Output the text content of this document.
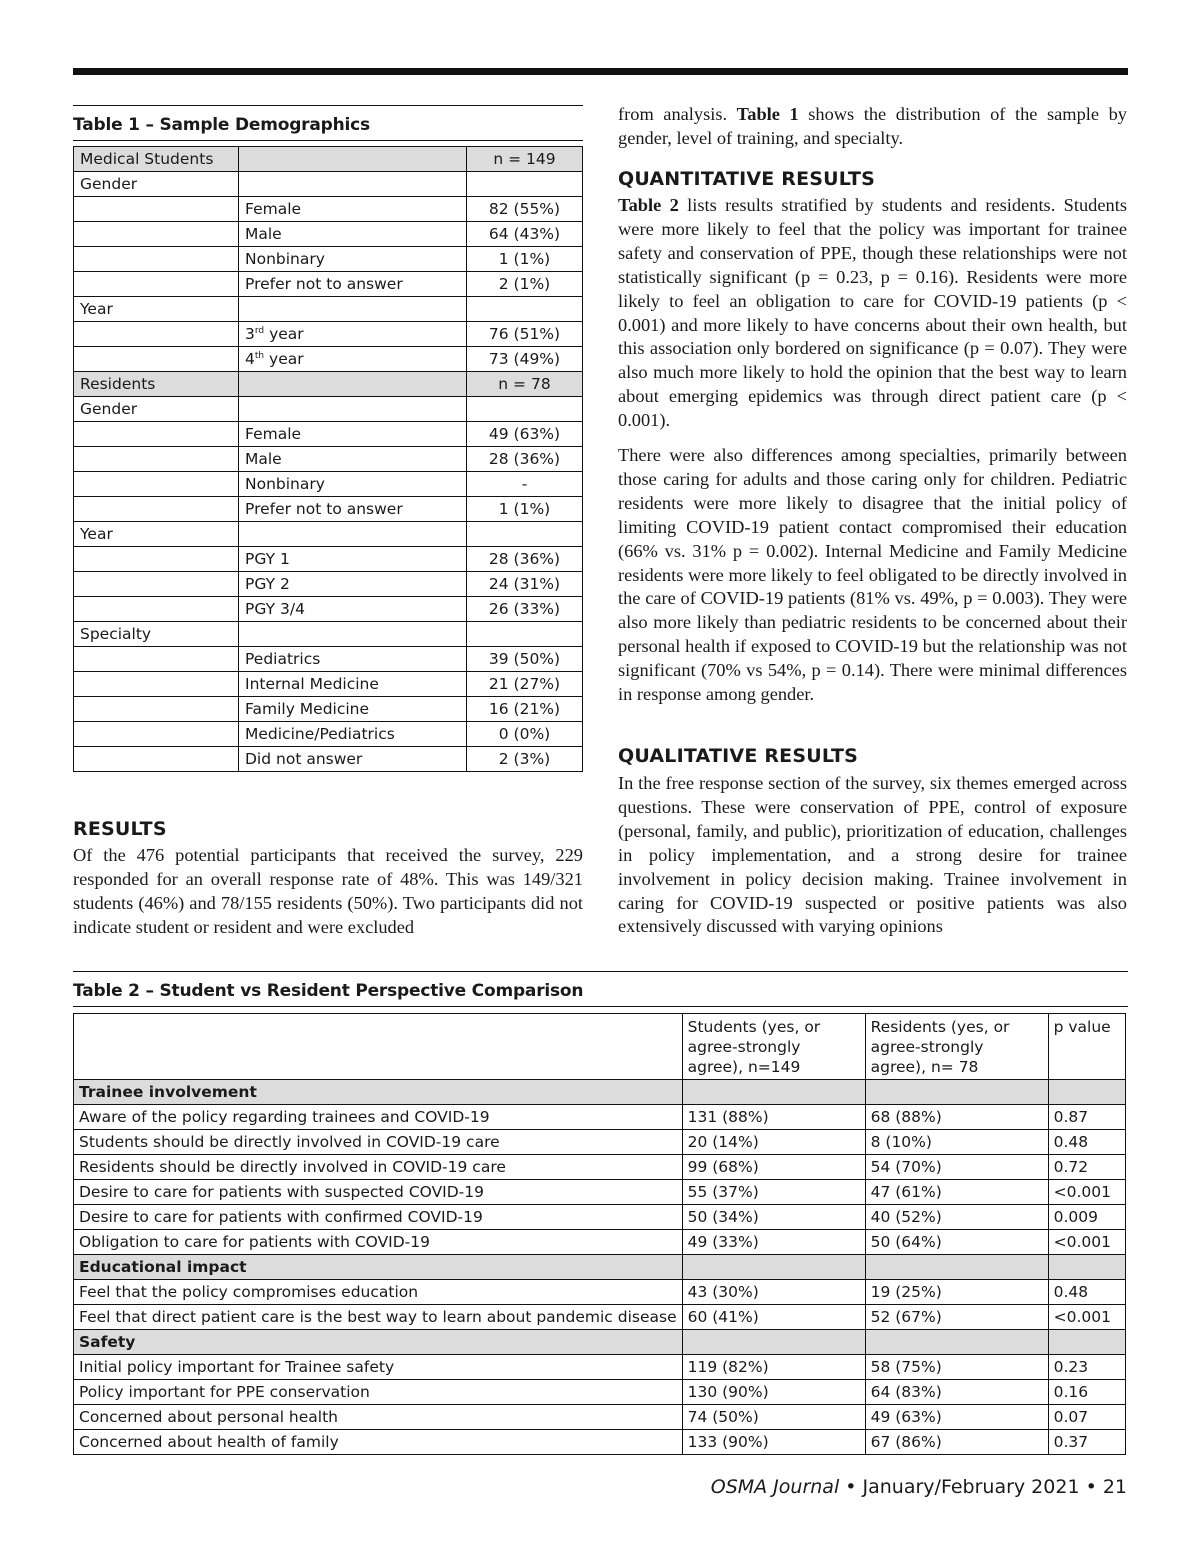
Table 1 – Sample Demographics
Medical Students		n = 149
Gender		
	Female	82 (55%)
	Male	64 (43%)
	Nonbinary	1 (1%)
	Prefer not to answer	2 (1%)
Year		
	3rd year	76 (51%)
	4th year	73 (49%)
Residents		n = 78
Gender		
	Female	49 (63%)
	Male	28 (36%)
	Nonbinary	-
	Prefer not to answer	1 (1%)
Year		
	PGY 1	28 (36%)
	PGY 2	24 (31%)
	PGY 3/4	26 (33%)
Specialty		
	Pediatrics	39 (50%)
	Internal Medicine	21 (27%)
	Family Medicine	16 (21%)
	Medicine/Pediatrics	0 (0%)
	Did not answer	2 (3%)
from analysis. Table 1 shows the distribution of the sample by gender, level of training, and specialty.
QUANTITATIVE RESULTS
Table 2 lists results stratified by students and residents. Students were more likely to feel that the policy was important for trainee safety and conservation of PPE, though these relationships were not statistically significant (p = 0.23, p = 0.16). Residents were more likely to feel an obligation to care for COVID-19 patients (p < 0.001) and more likely to have concerns about their own health, but this association only bordered on significance (p = 0.07). They were also much more likely to hold the opinion that the best way to learn about emerging epidemics was through direct patient care (p < 0.001).
There were also differences among specialties, primarily between those caring for adults and those caring only for children. Pediatric residents were more likely to disagree that the initial policy of limiting COVID-19 patient contact compromised their education (66% vs. 31% p = 0.002). Internal Medicine and Family Medicine residents were more likely to feel obligated to be directly involved in the care of COVID-19 patients (81% vs. 49%, p = 0.003). They were also more likely than pediatric residents to be concerned about their personal health if exposed to COVID-19 but the relationship was not significant (70% vs 54%, p = 0.14). There were minimal differences in response among gender.
QUALITATIVE RESULTS
In the free response section of the survey, six themes emerged across questions. These were conservation of PPE, control of exposure (personal, family, and public), prioritization of education, challenges in policy implementation, and a strong desire for trainee involvement in policy decision making. Trainee involvement in caring for COVID-19 suspected or positive patients was also extensively discussed with varying opinions
RESULTS
Of the 476 potential participants that received the survey, 229 responded for an overall response rate of 48%. This was 149/321 students (46%) and 78/155 residents (50%). Two participants did not indicate student or resident and were excluded
Table 2 – Student vs Resident Perspective Comparison
	Students (yes, or agree-strongly agree), n=149	Residents (yes, or agree-strongly agree), n= 78	p value
Trainee involvement			
Aware of the policy regarding trainees and COVID-19	131 (88%)	68 (88%)	0.87
Students should be directly involved in COVID-19 care	20 (14%)	8 (10%)	0.48
Residents should be directly involved in COVID-19 care	99 (68%)	54 (70%)	0.72
Desire to care for patients with suspected COVID-19	55 (37%)	47 (61%)	<0.001
Desire to care for patients with confirmed COVID-19	50 (34%)	40 (52%)	0.009
Obligation to care for patients with COVID-19	49 (33%)	50 (64%)	<0.001
Educational impact			
Feel that the policy compromises education	43 (30%)	19 (25%)	0.48
Feel that direct patient care is the best way to learn about pandemic disease	60 (41%)	52 (67%)	<0.001
Safety			
Initial policy important for Trainee safety	119 (82%)	58 (75%)	0.23
Policy important for PPE conservation	130 (90%)	64 (83%)	0.16
Concerned about personal health	74 (50%)	49 (63%)	0.07
Concerned about health of family	133 (90%)	67 (86%)	0.37
OSMA Journal • January/February 2021 • 21
